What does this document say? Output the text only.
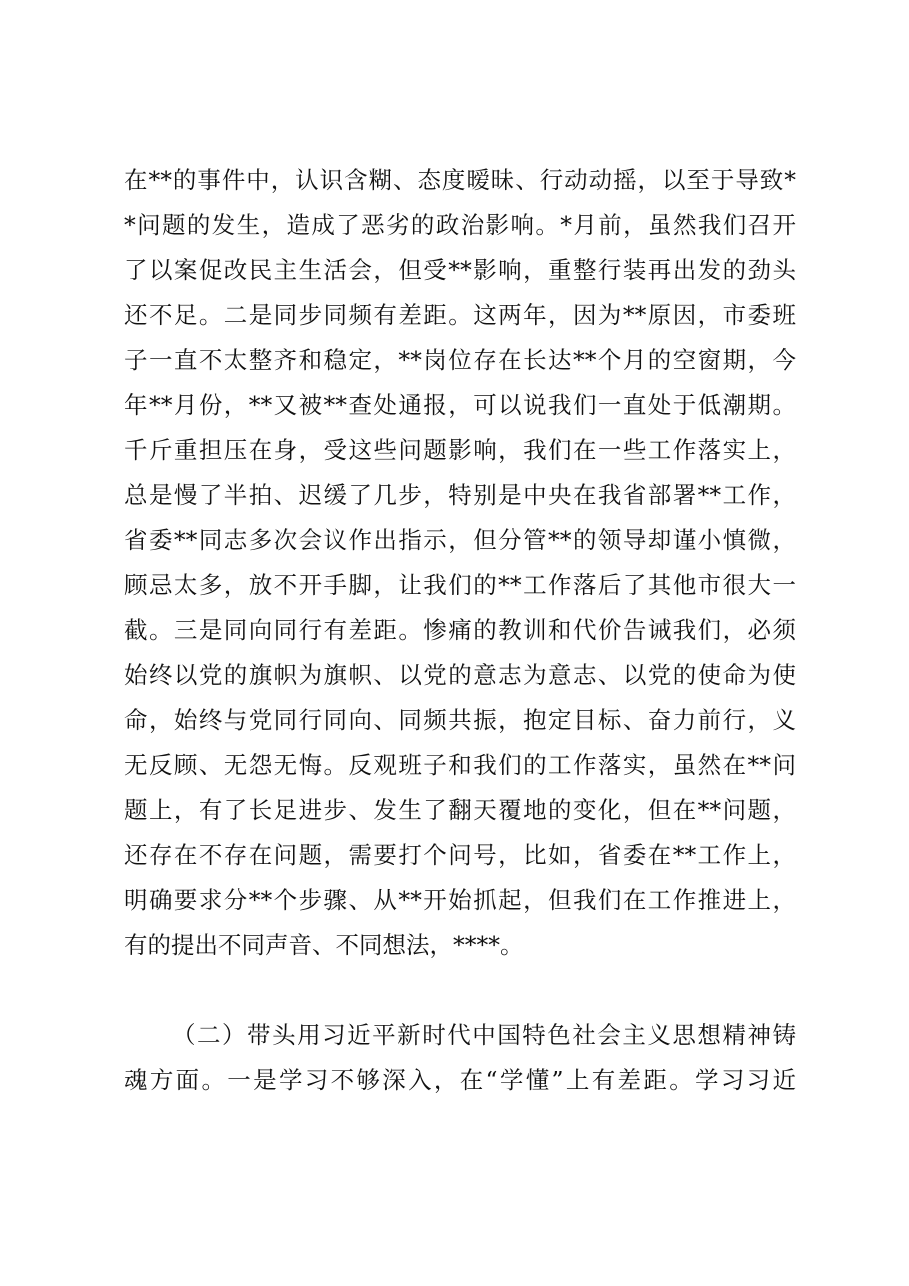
在**的事件中，认识含糊、态度暧昧、行动动摇，以至于导致*
*问题的发生，造成了恶劣的政治影响。*月前，虽然我们召开
了以案促改民主生活会，但受**影响，重整行装再出发的劲头
还不足。二是同步同频有差距。这两年，因为**原因，市委班
子一直不太整齐和稳定，**岗位存在长达**个月的空窗期，今
年**月份，**又被**查处通报，可以说我们一直处于低潮期。
千斤重担压在身，受这些问题影响，我们在一些工作落实上，
总是慢了半拍、迟缓了几步，特别是中央在我省部署**工作，
省委**同志多次会议作出指示，但分管**的领导却谨小慎微，
顾忌太多，放不开手脚，让我们的**工作落后了其他市很大一
截。三是同向同行有差距。惨痛的教训和代价告诫我们，必须
始终以党的旗帜为旗帜、以党的意志为意志、以党的使命为使
命，始终与党同行同向、同频共振，抱定目标、奋力前行，义
无反顾、无怨无悔。反观班子和我们的工作落实，虽然在**问
题上，有了长足进步、发生了翻天覆地的变化，但在**问题，
还存在不存在问题，需要打个问号，比如，省委在**工作上，
明确要求分**个步骤、从**开始抓起，但我们在工作推进上，
有的提出不同声音、不同想法，****。
（二）带头用习近平新时代中国特色社会主义思想精神铸
魂方面。一是学习不够深入，在“学懂”上有差距。学习习近
